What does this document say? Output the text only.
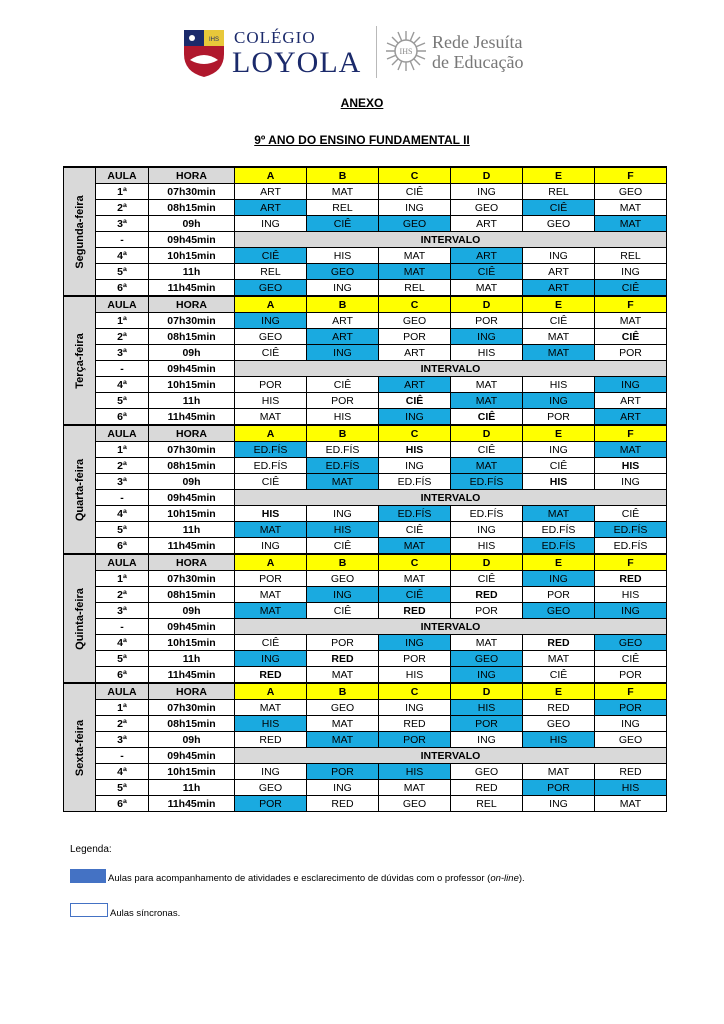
IHS COLÉGIO
LOYOLA	IHS Rede Jesuíta
de Educação
ANEXO
9º ANO DO ENSINO FUNDAMENTAL II
Segunda-feira	AULA	HORA	A	B	C	D	E	F
	1ª	07h30min	ART	MAT	CIÊ	ING	REL	GEO
	2ª	08h15min	ART	REL	ING	GEO	CIÊ	MAT
	3ª	09h	ING	CIÊ	GEO	ART	GEO	MAT
	-	09h45min	INTERVALO					
	4ª	10h15min	CIÊ	HIS	MAT	ART	ING	REL
	5ª	11h	REL	GEO	MAT	CIÊ	ART	ING
	6ª	11h45min	GEO	ING	REL	MAT	ART	CIÊ

Terça-feira	AULA	HORA	A	B	C	D	E	F
	1ª	07h30min	ING	ART	GEO	POR	CIÊ	MAT
	2ª	08h15min	GEO	ART	POR	ING	MAT	CIÊ
	3ª	09h	CIÊ	ING	ART	HIS	MAT	POR
	-	09h45min	INTERVALO					
	4ª	10h15min	POR	CIÊ	ART	MAT	HIS	ING
	5ª	11h	HIS	POR	CIÊ	MAT	ING	ART
	6ª	11h45min	MAT	HIS	ING	CIÊ	POR	ART

Quarta-feira	AULA	HORA	A	B	C	D	E	F
	1ª	07h30min	ED.FÍS	ED.FÍS	HIS	CIÊ	ING	MAT
	2ª	08h15min	ED.FÍS	ED.FÍS	ING	MAT	CIÊ	HIS
	3ª	09h	CIÊ	MAT	ED.FÍS	ED.FÍS	HIS	ING
	-	09h45min	INTERVALO					
	4ª	10h15min	HIS	ING	ED.FÍS	ED.FÍS	MAT	CIÊ
	5ª	11h	MAT	HIS	CIÊ	ING	ED.FÍS	ED.FÍS
	6ª	11h45min	ING	CIÊ	MAT	HIS	ED.FÍS	ED.FÍS

Quinta-feira	AULA	HORA	A	B	C	D	E	F
	1ª	07h30min	POR	GEO	MAT	CIÊ	ING	RED
	2ª	08h15min	MAT	ING	CIÊ	RED	POR	HIS
	3ª	09h	MAT	CIÊ	RED	POR	GEO	ING
	-	09h45min	INTERVALO					
	4ª	10h15min	CIÊ	POR	ING	MAT	RED	GEO
	5ª	11h	ING	RED	POR	GEO	MAT	CIÊ
	6ª	11h45min	RED	MAT	HIS	ING	CIÊ	POR

Sexta-feira	AULA	HORA	A	B	C	D	E	F
	1ª	07h30min	MAT	GEO	ING	HIS	RED	POR
	2ª	08h15min	HIS	MAT	RED	POR	GEO	ING
	3ª	09h	RED	MAT	POR	ING	HIS	GEO
	-	09h45min	INTERVALO					
	4ª	10h15min	ING	POR	HIS	GEO	MAT	RED
	5ª	11h	GEO	ING	MAT	RED	POR	HIS
	6ª	11h45min	POR	RED	GEO	REL	ING	MAT
Legenda:
Aulas para acompanhamento de atividades e esclarecimento de dúvidas com o professor (on-line).
Aulas síncronas.
